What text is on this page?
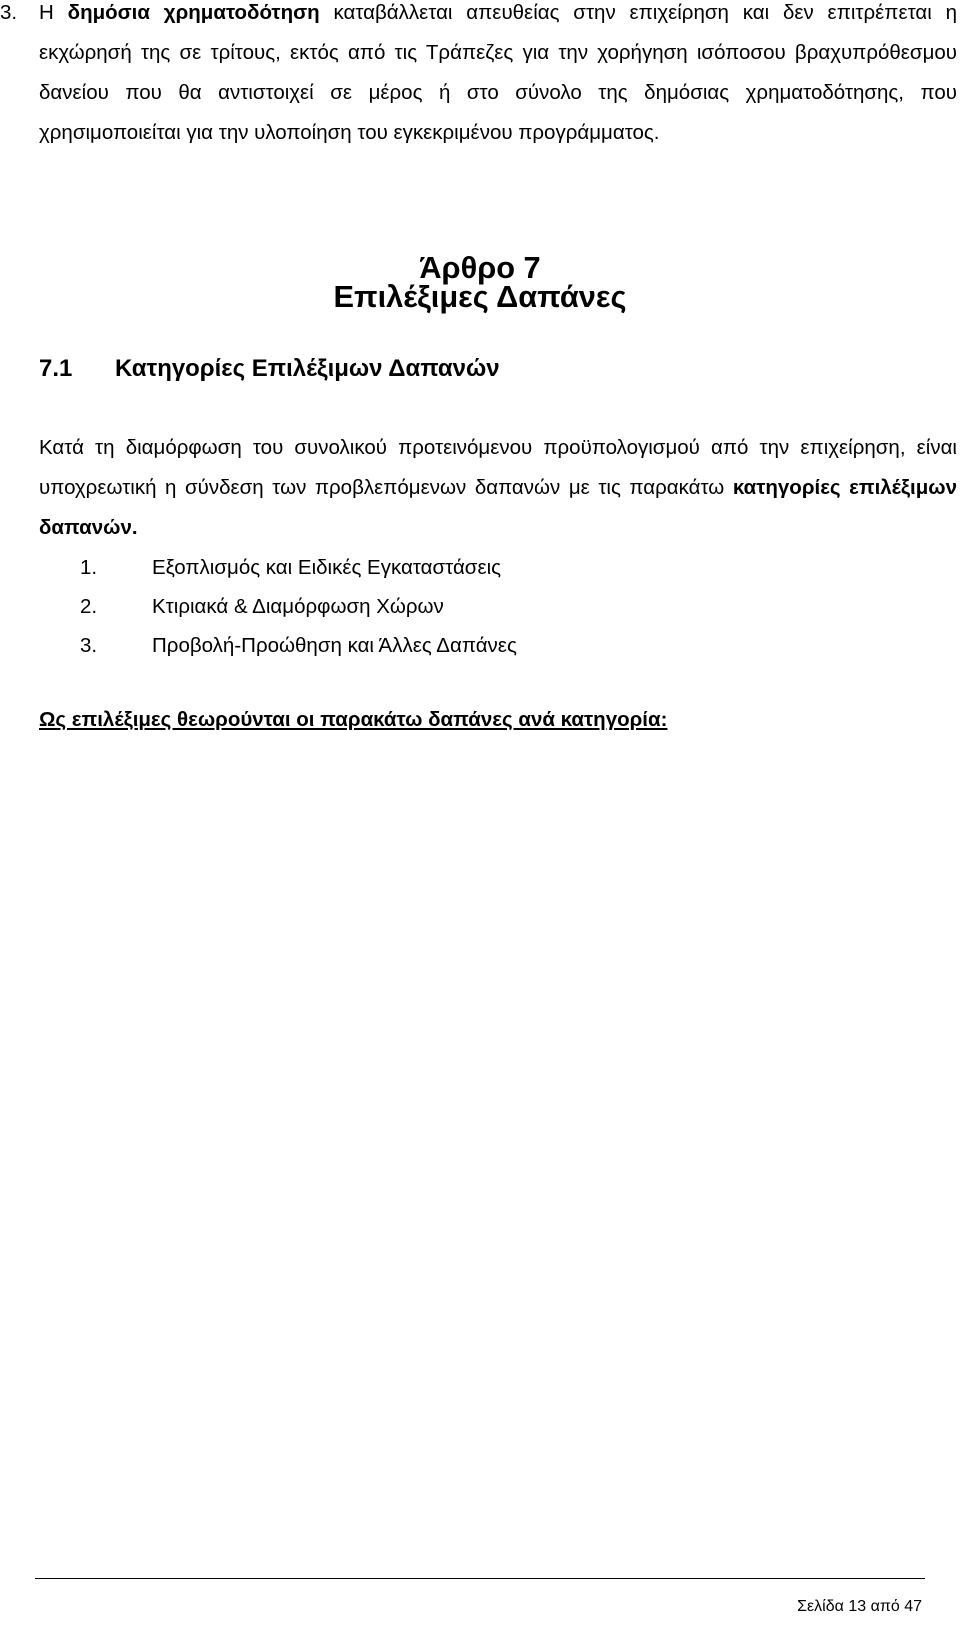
3. Η δημόσια χρηματοδότηση καταβάλλεται απευθείας στην επιχείρηση και δεν επιτρέπεται η εκχώρησή της σε τρίτους, εκτός από τις Τράπεζες για την χορήγηση ισόποσου βραχυπρόθεσμου δανείου που θα αντιστοιχεί σε μέρος ή στο σύνολο της δημόσιας χρηματοδότησης, που χρησιμοποιείται για την υλοποίηση του εγκεκριμένου προγράμματος.

Άρθρο 7
Επιλέξιμες Δαπάνες
7.1 Κατηγορίες Επιλέξιμων Δαπανών

Κατά τη διαμόρφωση του συνολικού προτεινόμενου προϋπολογισμού από την επιχείρηση, είναι υποχρεωτική η σύνδεση των προβλεπόμενων δαπανών με τις παρακάτω κατηγορίες επιλέξιμων δαπανών.

1.	Εξοπλισμός και Ειδικές Εγκαταστάσεις
2.	Κτιριακά & Διαμόρφωση Χώρων
3.	Προβολή-Προώθηση και Άλλες Δαπάνες

Ως επιλέξιμες θεωρούνται οι παρακάτω δαπάνες ανά κατηγορία:

Σελίδα 13 από 47
